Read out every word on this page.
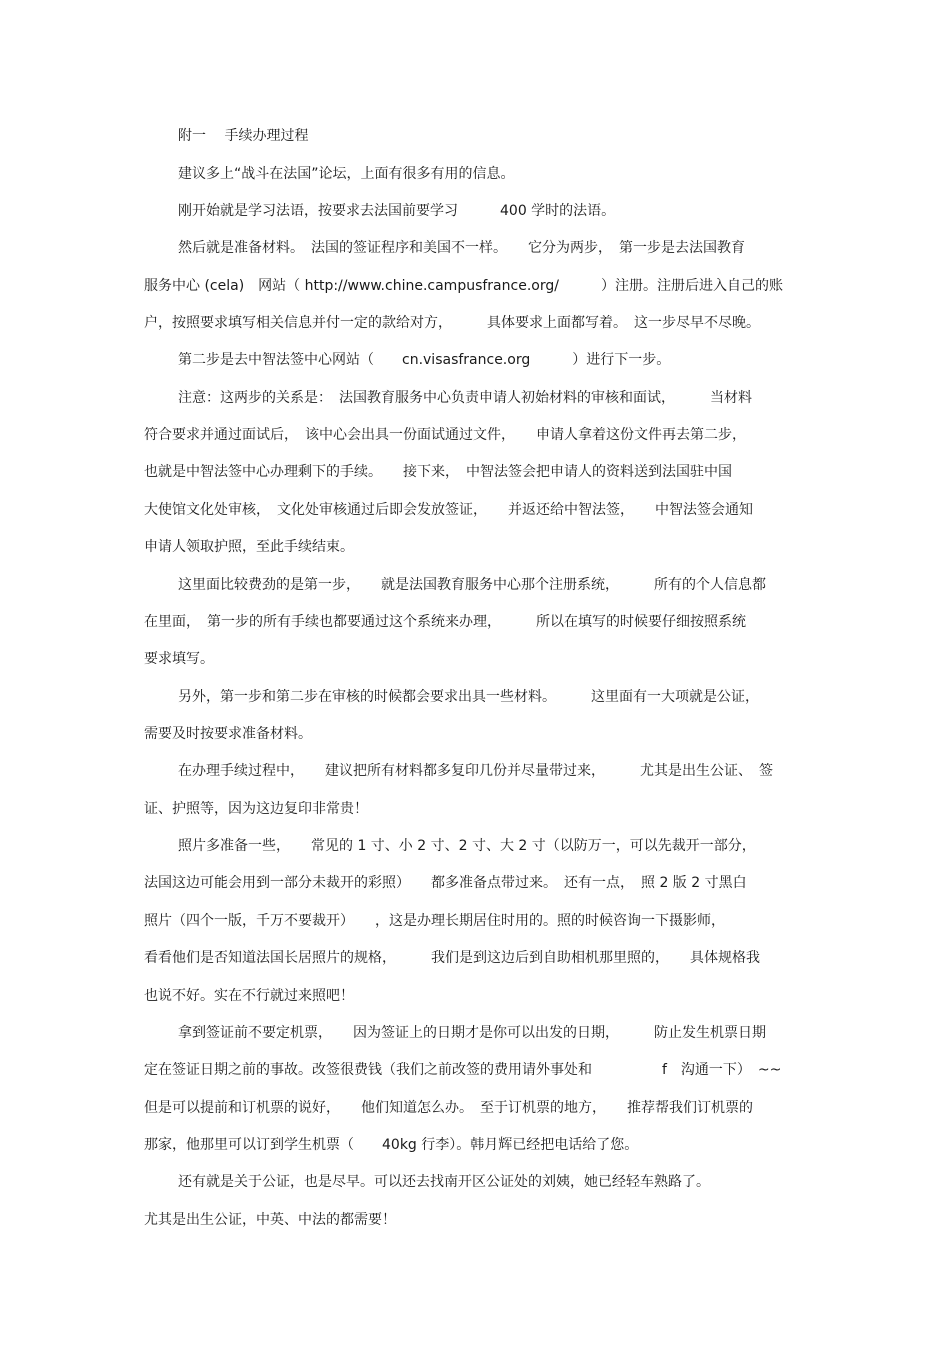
附一　 手续办理过程
建议多上“战斗在法国”论坛，上面有很多有用的信息。
刚开始就是学习法语，按要求去法国前要学习　　　400 学时的法语。
然后就是准备材料。　法国的签证程序和美国不一样。　　它分为两步，　第一步是去法国教育
服务中心 (cela)　网站（ http://www.chine.campusfrance.org/　　　）注册。注册后进入自己的账
户，按照要求填写相关信息并付一定的款给对方，　　　具体要求上面都写着。　这一步尽早不尽晚。
第二步是去中智法签中心网站（　　cn.visasfrance.org　　　）进行下一步。
注意：这两步的关系是：　法国教育服务中心负责申请人初始材料的审核和面试，　　　当材料
符合要求并通过面试后，　该中心会出具一份面试通过文件，　　申请人拿着这份文件再去第二步，
也就是中智法签中心办理剩下的手续。　　接下来，　中智法签会把申请人的资料送到法国驻中国
大使馆文化处审核，　文化处审核通过后即会发放签证，　　并返还给中智法签，　　中智法签会通知
申请人领取护照，至此手续结束。
这里面比较费劲的是第一步，　　就是法国教育服务中心那个注册系统，　　　所有的个人信息都
在里面，　第一步的所有手续也都要通过这个系统来办理，　　　所以在填写的时候要仔细按照系统
要求填写。
另外，第一步和第二步在审核的时候都会要求出具一些材料。　　　这里面有一大项就是公证，
需要及时按要求准备材料。
在办理手续过程中，　　建议把所有材料都多复印几份并尽量带过来，　　　尤其是出生公证、　签
证、护照等，因为这边复印非常贵！
照片多准备一些，　　常见的 1 寸、小 2 寸、2 寸、大 2 寸（以防万一，可以先裁开一部分，
法国这边可能会用到一部分未裁开的彩照）　　都多准备点带过来。　还有一点，　照 2 版 2 寸黑白
照片（四个一版，千万不要裁开）　　，这是办理长期居住时用的。照的时候咨询一下摄影师，
看看他们是否知道法国长居照片的规格，　　　我们是到这边后到自助相机那里照的，　　具体规格我
也说不好。实在不行就过来照吧！
拿到签证前不要定机票，　　因为签证上的日期才是你可以出发的日期，　　　防止发生机票日期
定在签证日期之前的事故。改签很费钱（我们之前改签的费用请外事处和　　　　　f　沟通一下）　~~
但是可以提前和订机票的说好，　　他们知道怎么办。　至于订机票的地方，　　推荐帮我们订机票的
那家，他那里可以订到学生机票（　　40kg 行李）。韩月辉已经把电话给了您。
还有就是关于公证，也是尽早。可以还去找南开区公证处的刘姨，她已经轻车熟路了。
尤其是出生公证，中英、中法的都需要！
